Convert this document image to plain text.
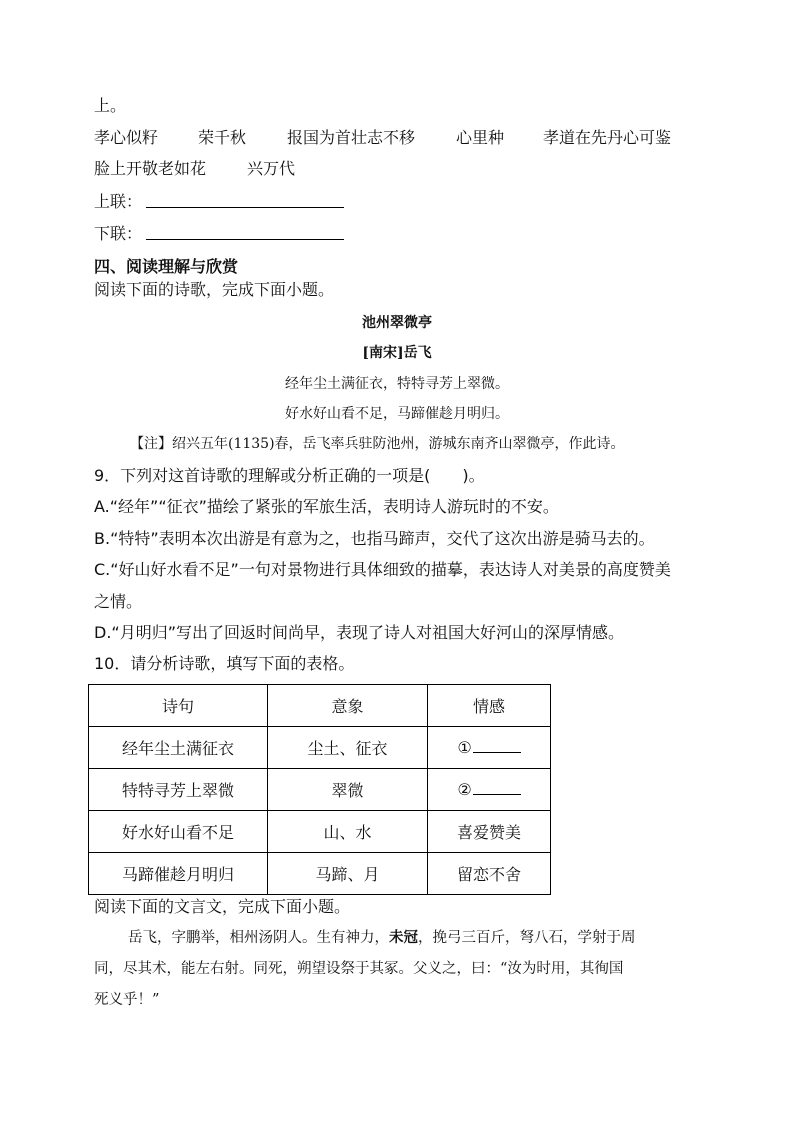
上。
孝心似籽 荣千秋	报国为首壮志不移	心里种 孝道在先丹心可鉴
脸上开敬老如花	兴万代
上联：
下联：
四、阅读理解与欣赏
阅读下面的诗歌，完成下面小题。
池州翠微亭
[南宋]岳飞
经年尘土满征衣，特特寻芳上翠微。
好水好山看不足，马蹄催趁月明归。
【注】绍兴五年(1135)春，岳飞率兵驻防池州，游城东南齐山翠微亭，作此诗。
9．下列对这首诗歌的理解或分析正确的一项是(　　)。
A.“经年”“征衣”描绘了紧张的军旅生活，表明诗人游玩时的不安。
B.“特特”表明本次出游是有意为之，也指马蹄声，交代了这次出游是骑马去的。
C.“好山好水看不足”一句对景物进行具体细致的描摹，表达诗人对美景的高度赞美
之情。
D.“月明归”写出了回返时间尚早，表现了诗人对祖国大好河山的深厚情感。
10．请分析诗歌，填写下面的表格。
诗句	意象	情感
经年尘土满征衣	尘土、征衣	①
特特寻芳上翠微	翠微	②
好水好山看不足	山、水	喜爱赞美
马蹄催趁月明归	马蹄、月	留恋不舍
阅读下面的文言文，完成下面小题。
岳飞，字鹏举，相州汤阴人。生有神力，未冠，挽弓三百斤，弩八石，学射于周
同，尽其术，能左右射。同死，朔望设祭于其冢。父义之，曰：“汝为时用，其徇国
死义乎！”
